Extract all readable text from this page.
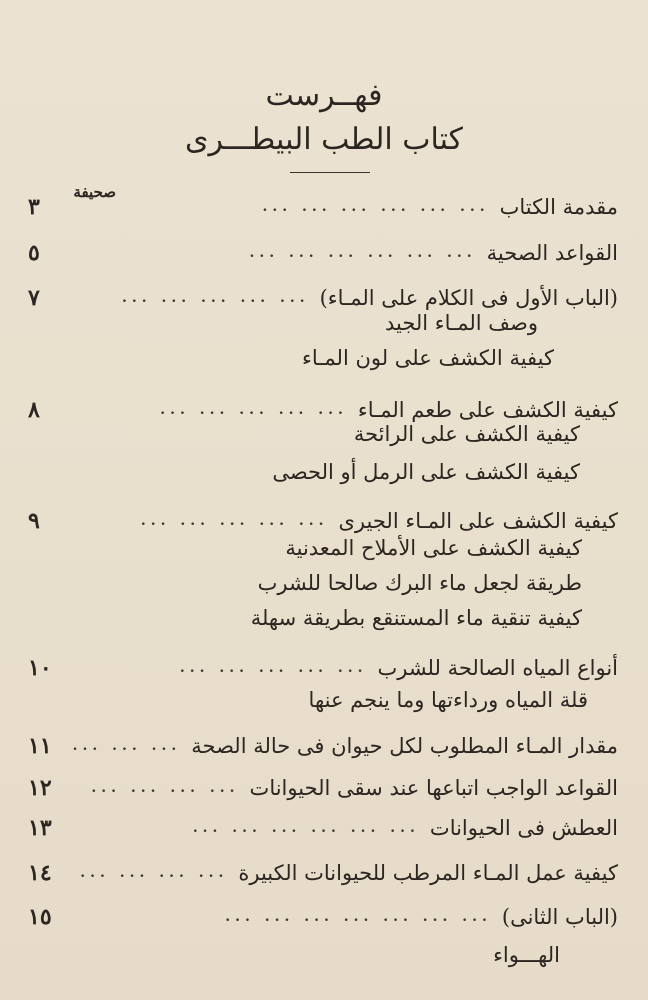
فهــرست
كتاب الطب البيطـــرى
صحيفة
مقدمة الكتاب
... ... ... ... ... ...
٣
القواعد الصحية
... ... ... ... ... ...
٥
(الباب الأول فى الكلام على المـاء)
... ... ... ... ...
٧
وصف المـاء الجيد
كيفية الكشف على لون المـاء
كيفية الكشف على طعم المـاء
... ... ... ... ...
٨
كيفية الكشف على الرائحة
كيفية الكشف على الرمل أو الحصى
كيفية الكشف على المـاء الجيرى
... ... ... ... ...
٩
كيفية الكشف على الأملاح المعدنية
طريقة لجعل ماء البرك صالحا للشرب
كيفية تنقية ماء المستنقع بطريقة سهلة
أنواع المياه الصالحة للشرب
... ... ... ... ...
١٠
قلة المياه ورداءتها وما ينجم عنها
مقدار المـاء المطلوب لكل حيوان فى حالة الصحة
... ... ...
١١
القواعد الواجب اتباعها عند سقى الحيوانات
... ... ... ...
١٢
العطش فى الحيوانات
... ... ... ... ... ...
١٣
كيفية عمل المـاء المرطب للحيوانات الكبيرة
... ... ... ...
١٤
(الباب الثانى)
... ... ... ... ... ... ...
١٥
الهـــواء
